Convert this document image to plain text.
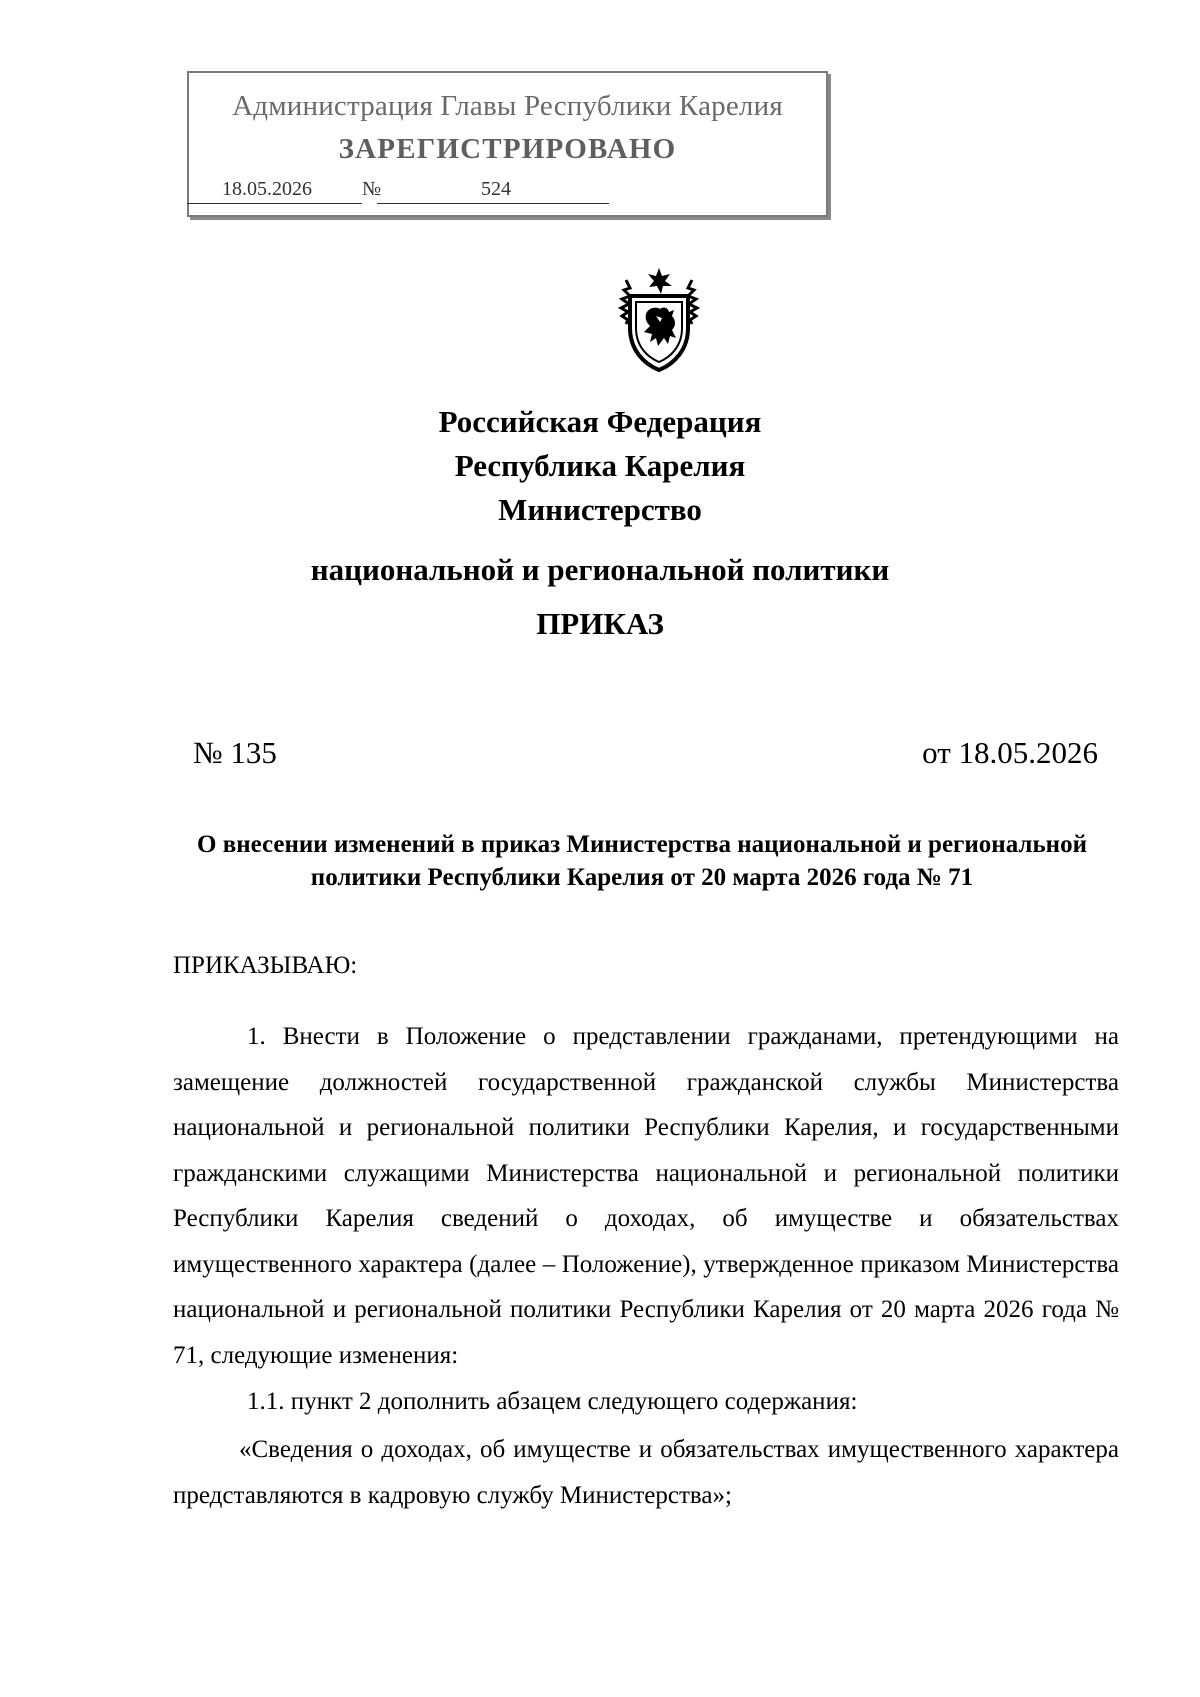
Администрация Главы Республики Карелия
ЗАРЕГИСТРИРОВАНО
18.05.2026	№	524
Российская Федерация
Республика Карелия
Министерство
национальной и региональной политики
ПРИКАЗ
№ 135	от 18.05.2026
О внесении изменений в приказ Министерства национальной и региональной политики Республики Карелия от 20 марта 2026 года № 71
ПРИКАЗЫВАЮ:

1. Внести в Положение о представлении гражданами, претендующими на замещение должностей государственной гражданской службы Министерства национальной и региональной политики Республики Карелия, и государственными гражданскими служащими Министерства национальной и региональной политики Республики Карелия сведений о доходах, об имуществе и обязательствах имущественного характера (далее – Положение), утвержденное приказом Министерства национальной и региональной политики Республики Карелия от 20 марта 2026 года № 71, следующие изменения:

1.1. пункт 2 дополнить абзацем следующего содержания:

«Сведения о доходах, об имуществе и обязательствах имущественного характера представляются в кадровую службу Министерства»;
